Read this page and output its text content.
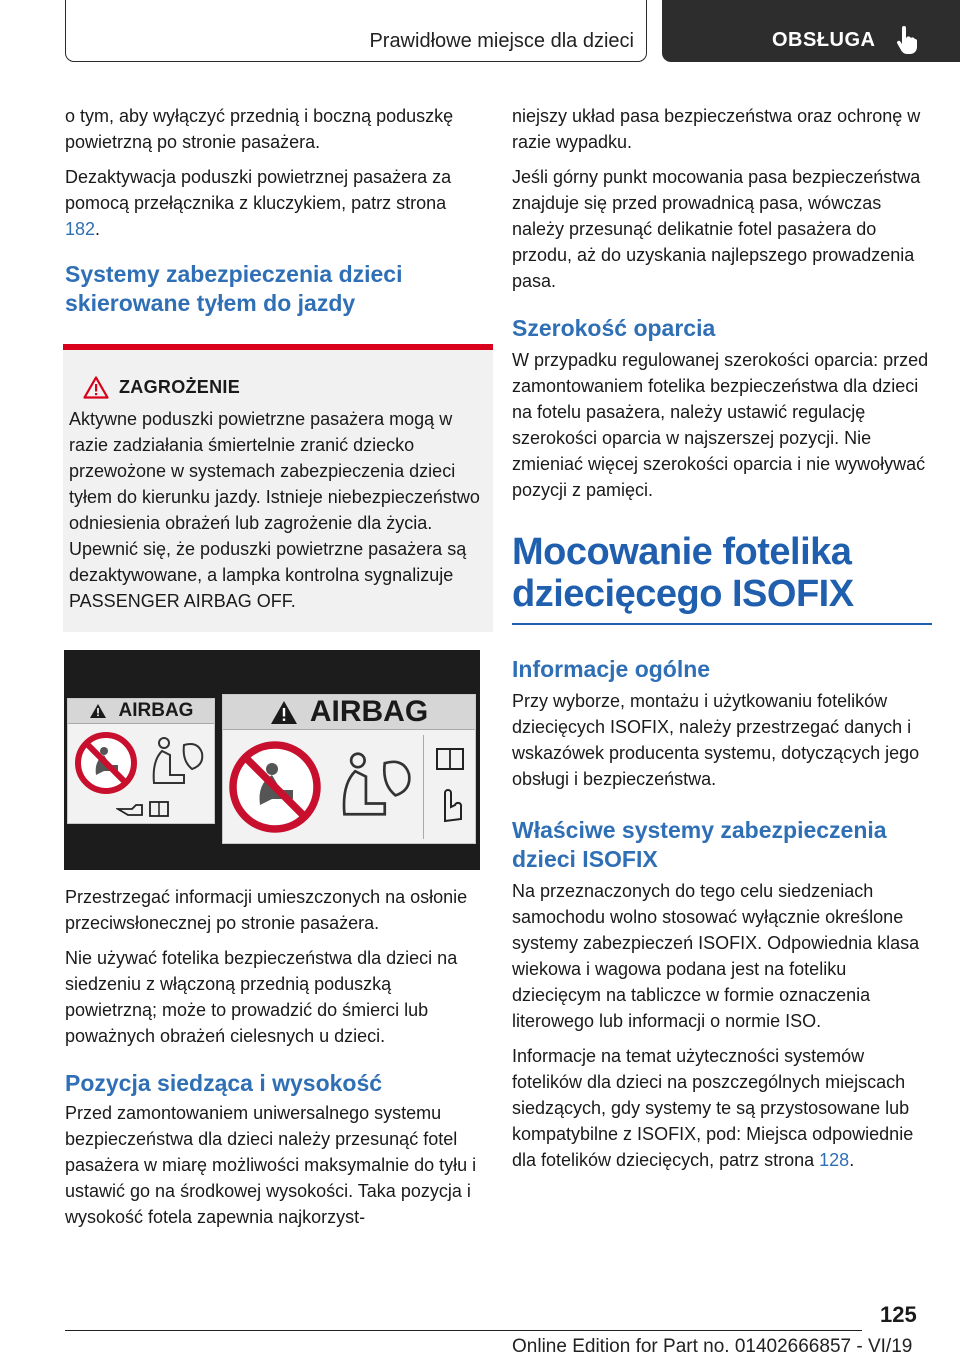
Prawidłowe miejsce dla dzieci	OBSŁUGA

o tym, aby wyłączyć przednią i boczną poduszkę powietrzną po stronie pasażera.

Dezaktywacja poduszki powietrznej pasażera za pomocą przełącznika z kluczykiem, patrz strona 182.

Systemy zabezpieczenia dzieci skierowane tyłem do jazdy
ZAGROŻENIE
Aktywne poduszki powietrzne pasażera mogą w razie zadziałania śmiertelnie zranić dziecko przewożone w systemach zabezpieczenia dzieci tyłem do kierunku jazdy. Istnieje niebezpieczeństwo odniesienia obrażeń lub zagrożenie dla życia. Upewnić się, że poduszki powietrzne pasażera są dezaktywowane, a lampka kontrolna sygnalizuje PASSENGER AIRBAG OFF.
AIRBAG	AIRBAG

Przestrzegać informacji umieszczonych na osłonie przeciwsłonecznej po stronie pasażera.

Nie używać fotelika bezpieczeństwa dla dzieci na siedzeniu z włączoną przednią poduszką powietrzną; może to prowadzić do śmierci lub poważnych obrażeń cielesnych u dzieci.

Pozycja siedząca i wysokość

Przed zamontowaniem uniwersalnego systemu bezpieczeństwa dla dzieci należy przesunąć fotel pasażera w miarę możliwości maksymalnie do tyłu i ustawić go na środkowej wysokości. Taka pozycja i wysokość fotela zapewnia najkorzyst-

niejszy układ pasa bezpieczeństwa oraz ochronę w razie wypadku.

Jeśli górny punkt mocowania pasa bezpieczeństwa znajduje się przed prowadnicą pasa, wówczas należy przesunąć delikatnie fotel pasażera do przodu, aż do uzyskania najlepszego prowadzenia pasa.

Szerokość oparcia

W przypadku regulowanej szerokości oparcia: przed zamontowaniem fotelika bezpieczeństwa dla dzieci na fotelu pasażera, należy ustawić regulację szerokości oparcia w najszerszej pozycji. Nie zmieniać więcej szerokości oparcia i nie wywoływać pozycji z pamięci.

Mocowanie fotelika dziecięcego ISOFIX
Informacje ogólne

Przy wyborze, montażu i użytkowaniu fotelików dziecięcych ISOFIX, należy przestrzegać danych i wskazówek producenta systemu, dotyczących jego obsługi i bezpieczeństwa.

Właściwe systemy zabezpieczenia dzieci ISOFIX

Na przeznaczonych do tego celu siedzeniach samochodu wolno stosować wyłącznie określone systemy zabezpieczeń ISOFIX. Odpowiednia klasa wiekowa i wagowa podana jest na foteliku dziecięcym na tabliczce w formie oznaczenia literowego lub informacji o normie ISO.

Informacje na temat użyteczności systemów fotelików dla dzieci na poszczególnych miejscach siedzących, gdy systemy te są przystosowane lub kompatybilne z ISOFIX, pod: Miejsca odpowiednie dla fotelików dziecięcych, patrz strona 128.

125
Online Edition for Part no. 01402666857 - VI/19
